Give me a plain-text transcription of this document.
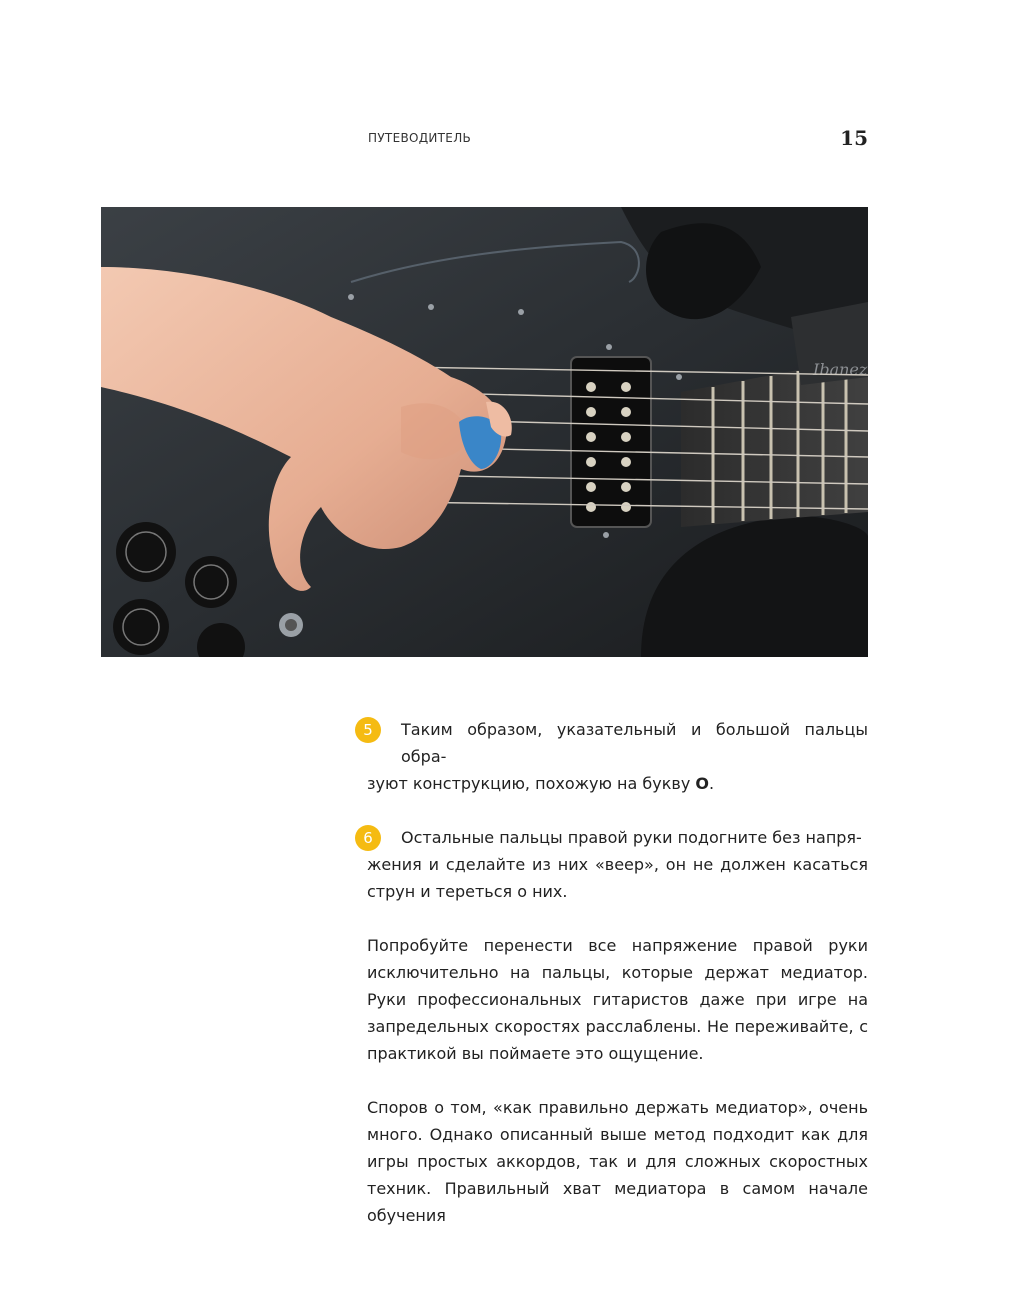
ПУТЕВОДИТЕЛЬ	15
Ibanez
5	Таким образом, указательный и большой пальцы обра-
зуют конструкцию, похожую на букву О.
6	Остальные пальцы правой руки подогните без напря-
жения и сделайте из них «веер», он не должен касаться струн и тереться о них.

Попробуйте перенести все напряжение правой руки исключительно на пальцы, которые держат медиатор. Руки профессиональных гитаристов даже при игре на запредельных скоростях расслаблены. Не переживайте, с практикой вы поймаете это ощущение.

Споров о том, «как правильно держать медиатор», очень много. Однако описанный выше метод подходит как для игры простых аккордов, так и для сложных скоростных техник. Правильный хват медиатора в самом начале обучения
